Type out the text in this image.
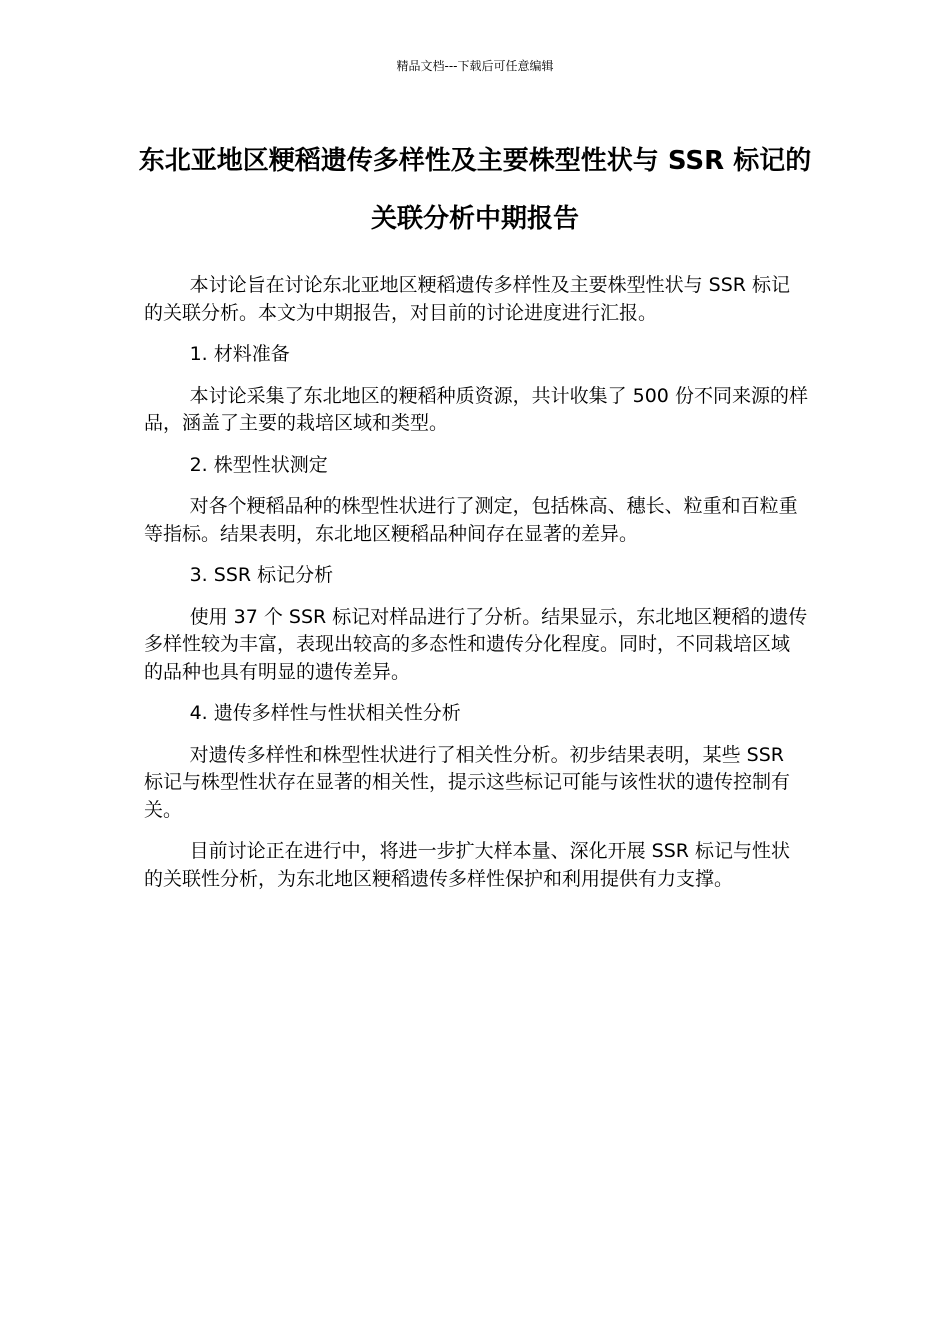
精品文档---下载后可任意编辑
东北亚地区粳稻遗传多样性及主要株型性状与 SSR 标记的关联分析中期报告

本讨论旨在讨论东北亚地区粳稻遗传多样性及主要株型性状与 SSR 标记的关联分析。本文为中期报告，对目前的讨论进度进行汇报。

1. 材料准备

本讨论采集了东北地区的粳稻种质资源，共计收集了 500 份不同来源的样品，涵盖了主要的栽培区域和类型。

2. 株型性状测定

对各个粳稻品种的株型性状进行了测定，包括株高、穗长、粒重和百粒重等指标。结果表明，东北地区粳稻品种间存在显著的差异。

3. SSR 标记分析

使用 37 个 SSR 标记对样品进行了分析。结果显示，东北地区粳稻的遗传多样性较为丰富，表现出较高的多态性和遗传分化程度。同时，不同栽培区域的品种也具有明显的遗传差异。

4. 遗传多样性与性状相关性分析

对遗传多样性和株型性状进行了相关性分析。初步结果表明，某些 SSR 标记与株型性状存在显著的相关性，提示这些标记可能与该性状的遗传控制有关。

目前讨论正在进行中，将进一步扩大样本量、深化开展 SSR 标记与性状的关联性分析，为东北地区粳稻遗传多样性保护和利用提供有力支撑。
